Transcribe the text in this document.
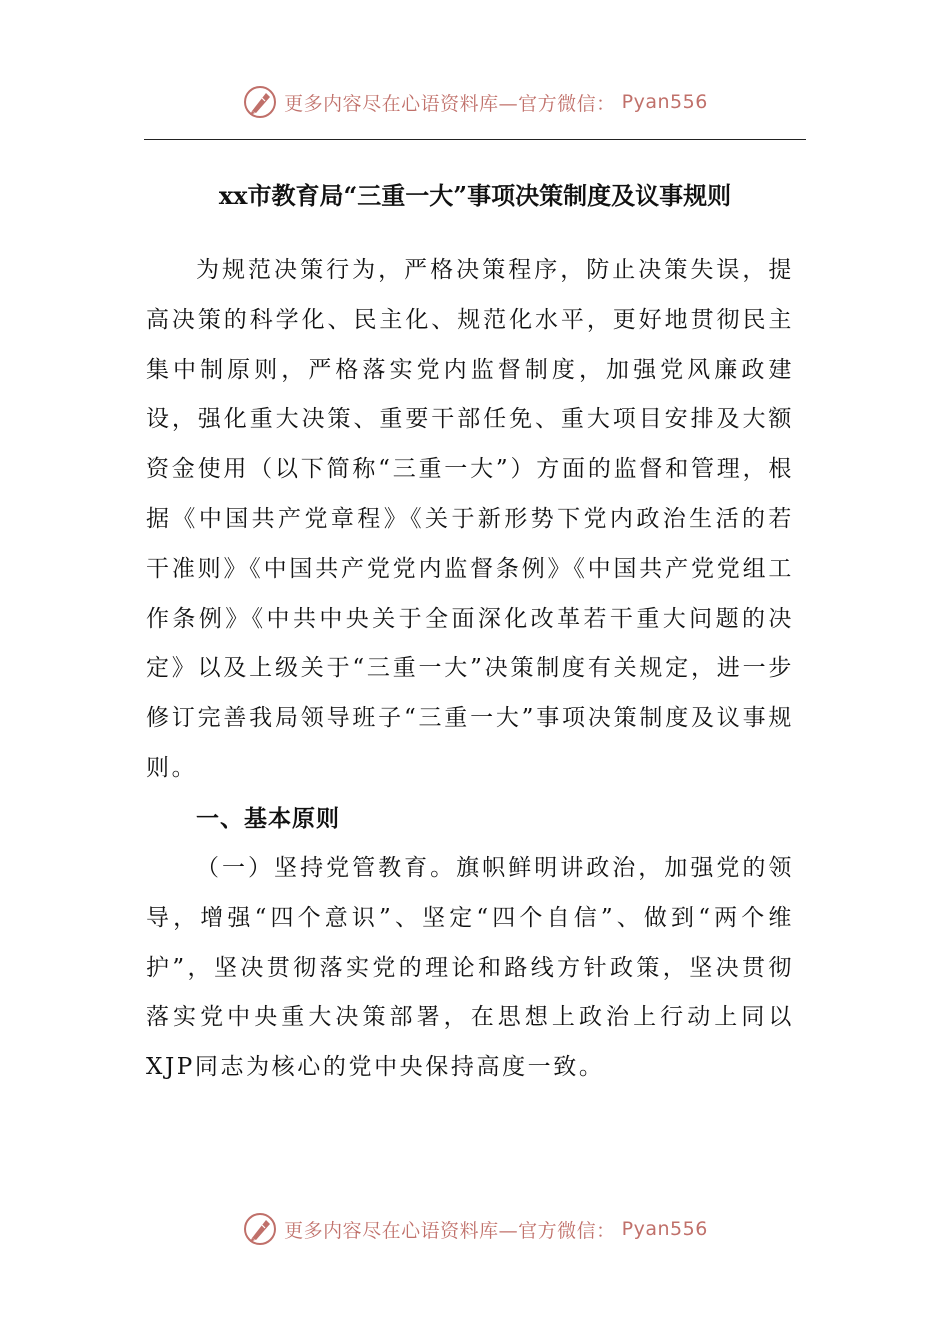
更多内容尽在心语资料库—官方微信： Pyan556
xx市教育局“三重一大”事项决策制度及议事规则
为规范决策行为，严格决策程序，防止决策失误，提高决策的科学化、民主化、规范化水平，更好地贯彻民主集中制原则，严格落实党内监督制度，加强党风廉政建设，强化重大决策、重要干部任免、重大项目安排及大额资金使用（以下简称“三重一大”）方面的监督和管理，根据《中国共产党章程》《关于新形势下党内政治生活的若干准则》《中国共产党党内监督条例》《中国共产党党组工作条例》《中共中央关于全面深化改革若干重大问题的决定》以及上级关于“三重一大”决策制度有关规定，进一步修订完善我局领导班子“三重一大”事项决策制度及议事规则。
一、基本原则
（一）坚持党管教育。旗帜鲜明讲政治，加强党的领导，增强“四个意识”、坚定“四个自信”、做到“两个维护”，坚决贯彻落实党的理论和路线方针政策，坚决贯彻落实党中央重大决策部署，在思想上政治上行动上同以XJP同志为核心的党中央保持高度一致。
更多内容尽在心语资料库—官方微信： Pyan556
